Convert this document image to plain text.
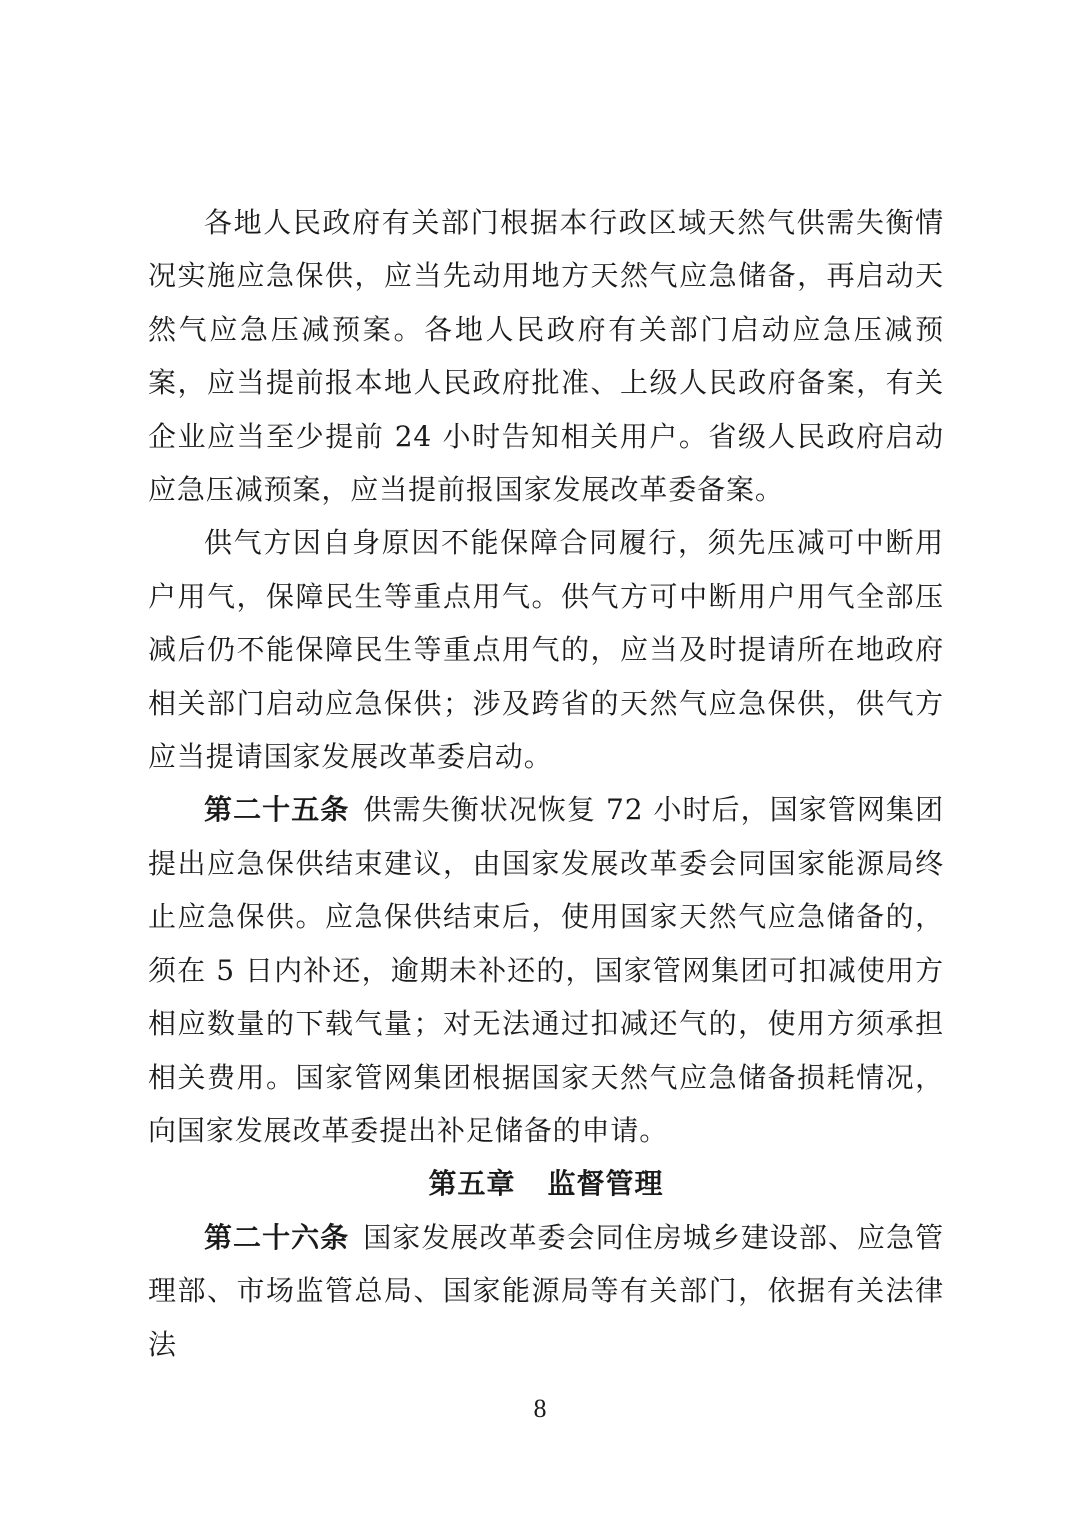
各地人民政府有关部门根据本行政区域天然气供需失衡情况实施应急保供，应当先动用地方天然气应急储备，再启动天然气应急压减预案。各地人民政府有关部门启动应急压减预案，应当提前报本地人民政府批准、上级人民政府备案，有关企业应当至少提前 24 小时告知相关用户。省级人民政府启动应急压减预案，应当提前报国家发展改革委备案。

供气方因自身原因不能保障合同履行，须先压减可中断用户用气，保障民生等重点用气。供气方可中断用户用气全部压减后仍不能保障民生等重点用气的，应当及时提请所在地政府相关部门启动应急保供；涉及跨省的天然气应急保供，供气方应当提请国家发展改革委启动。

第二十五条 供需失衡状况恢复 72 小时后，国家管网集团提出应急保供结束建议，由国家发展改革委会同国家能源局终止应急保供。应急保供结束后，使用国家天然气应急储备的，须在 5 日内补还，逾期未补还的，国家管网集团可扣减使用方相应数量的下载气量；对无法通过扣减还气的，使用方须承担相关费用。国家管网集团根据国家天然气应急储备损耗情况，向国家发展改革委提出补足储备的申请。

第五章 监督管理

第二十六条 国家发展改革委会同住房城乡建设部、应急管理部、市场监管总局、国家能源局等有关部门，依据有关法律法

8
